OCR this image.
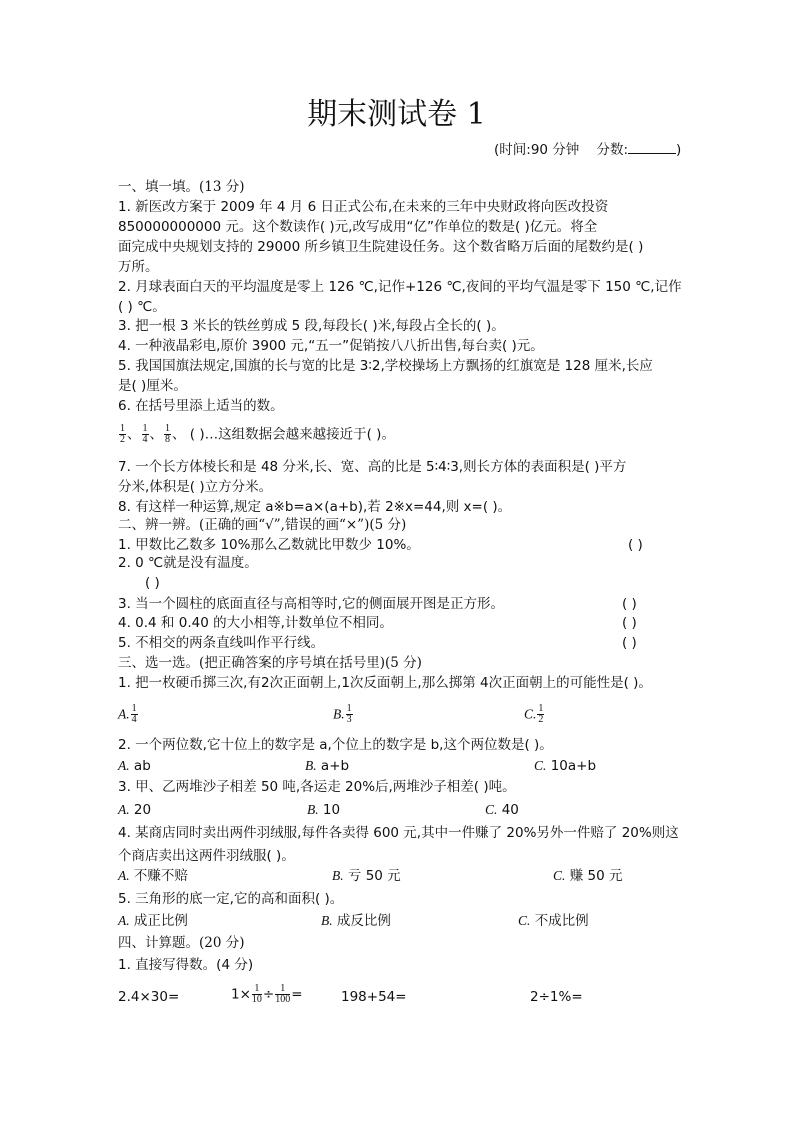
期末测试卷 1
(时间:90 分钟 分数:	)
一、填一填。(13 分)
1. 新医改方案于 2009 年 4 月 6 日正式公布,在未来的三年中央财政将向医改投资
850000000000 元。这个数读作( )元,改写成用“亿”作单位的数是( )亿元。将全
面完成中央规划支持的 29000 所乡镇卫生院建设任务。这个数省略万后面的尾数约是( )
万所。
2. 月球表面白天的平均温度是零上 126 ℃,记作+126 ℃,夜间的平均气温是零下 150 ℃,记作
( ) ℃。
3. 把一根 3 米长的铁丝剪成 5 段,每段长( )米,每段占全长的( )。
4. 一种液晶彩电,原价 3900 元,“五一”促销按八八折出售,每台卖( )元。
5. 我国国旗法规定,国旗的长与宽的比是 3∶2,学校操场上方飘扬的红旗宽是 128 厘米,长应
是( )厘米。
6. 在括号里添上适当的数。
$\frac{1}{2}$ 、 $\frac{1}{4}$ 、 $\frac{1}{8}$ 、 ( )…这组数据会越来越接近于( )。
7. 一个长方体棱长和是 48 分米,长、宽、高的比是 5∶4∶3,则长方体的表面积是( )平方
分米,体积是( )立方分米。
8. 有这样一种运算,规定 a※b=a×(a+b),若 2※x=44,则 x=( )。
二、辨一辨。(正确的画“√”,错误的画“×”)(5 分)
1. 甲数比乙数多 10%那么乙数就比甲数少 10%。	( )
2. 0 ℃就是没有温度。
( )
3. 当一个圆柱的底面直径与高相等时,它的侧面展开图是正方形。	( )
4. 0.4 和 0.40 的大小相等,计数单位不相同。	( )
5. 不相交的两条直线叫作平行线。	( )
三、选一选。(把正确答案的序号填在括号里)(5 分)
1. 把一枚硬币掷三次,有2次正面朝上,1次反面朝上,那么掷第 4次正面朝上的可能性是( )。
A. $\frac{1}{4}$	B. $\frac{1}{3}$	C. $\frac{1}{2}$
2. 一个两位数,它十位上的数字是 a,个位上的数字是 b,这个两位数是( )。
A. ab	B. a+b	C. 10a+b
3. 甲、乙两堆沙子相差 50 吨,各运走 20%后,两堆沙子相差( )吨。
A. 20	B. 10	C. 40
4. 某商店同时卖出两件羽绒服,每件各卖得 600 元,其中一件赚了 20%另外一件赔了 20%则这
个商店卖出这两件羽绒服( )。
A. 不赚不赔	B. 亏 50 元	C. 赚 50 元
5. 三角形的底一定,它的高和面积( )。
A. 成正比例	B. 成反比例	C. 不成比例
四、计算题。(20 分)
1. 直接写得数。(4 分)
2.4×30=	$1\times \frac{1}{10} \div \frac{1}{100}$ =	198+54=	2÷1%=
